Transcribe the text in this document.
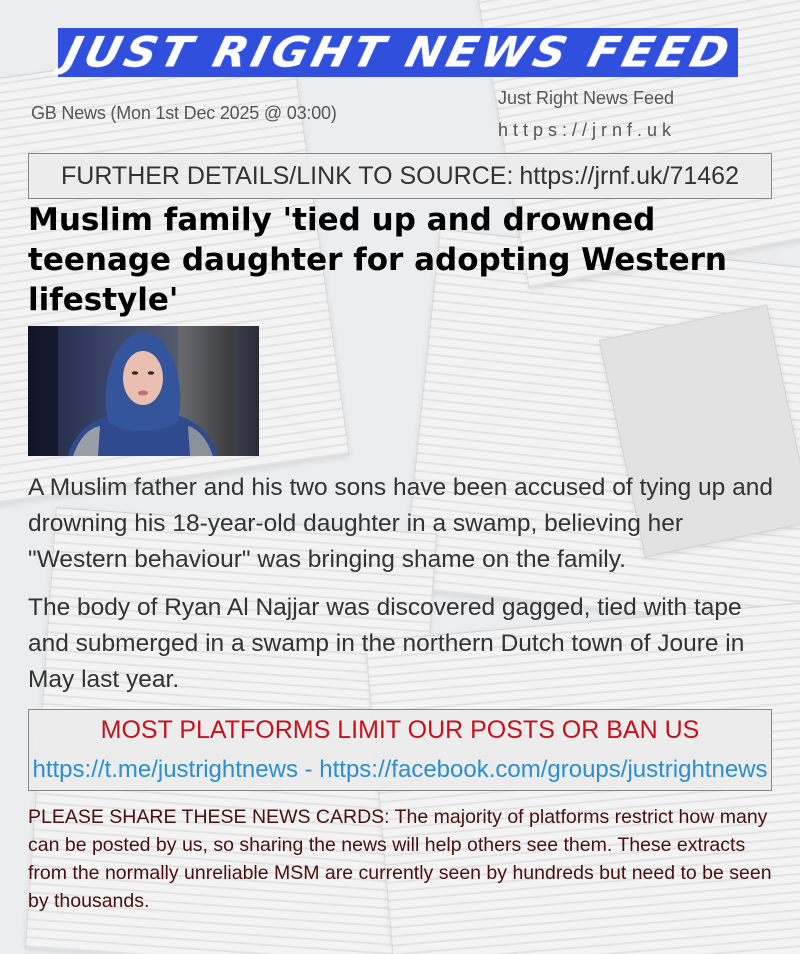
JUST RIGHT NEWS FEED
GB News (Mon 1st Dec 2025 @ 03:00)
Just Right News Feed
https://jrnf.uk
FURTHER DETAILS/LINK TO SOURCE: https://jrnf.uk/71462
Muslim family 'tied up and drowned teenage daughter for adopting Western lifestyle'

A Muslim father and his two sons have been accused of tying up and drowning his 18-year-old daughter in a swamp, believing her "Western behaviour" was bringing shame on the family.

The body of Ryan Al Najjar was discovered gagged, tied with tape and submerged in a swamp in the northern Dutch town of Joure in May last year.

MOST PLATFORMS LIMIT OUR POSTS OR BAN US
https://t.me/justrightnews - https://facebook.com/groups/justrightnews
PLEASE SHARE THESE NEWS CARDS: The majority of platforms restrict how many can be posted by us, so sharing the news will help others see them. These extracts from the normally unreliable MSM are currently seen by hundreds but need to be seen by thousands.
